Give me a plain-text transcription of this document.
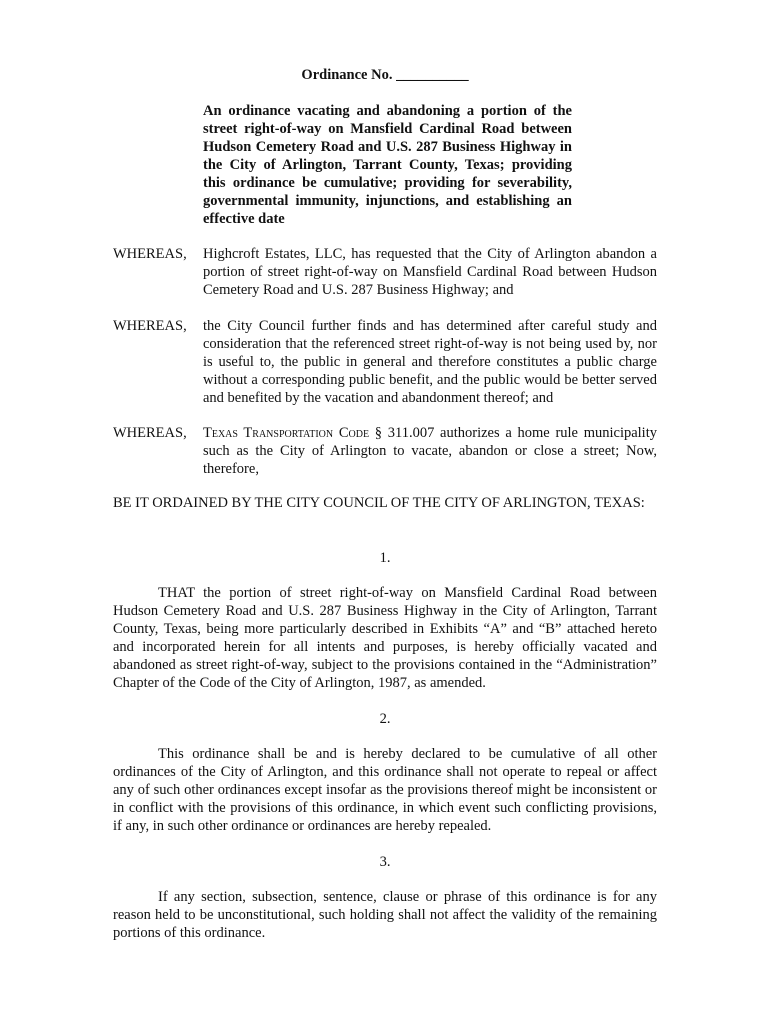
Ordinance No. __________
An ordinance vacating and abandoning a portion of the street right-of-way on Mansfield Cardinal Road between Hudson Cemetery Road and U.S. 287 Business Highway in the City of Arlington, Tarrant County, Texas; providing this ordinance be cumulative; providing for severability, governmental immunity, injunctions, and establishing an effective date
WHEREAS,	Highcroft Estates, LLC, has requested that the City of Arlington abandon a portion of street right-of-way on Mansfield Cardinal Road between Hudson Cemetery Road and U.S. 287 Business Highway; and
WHEREAS,	the City Council further finds and has determined after careful study and consideration that the referenced street right-of-way is not being used by, nor is useful to, the public in general and therefore constitutes a public charge without a corresponding public benefit, and the public would be better served and benefited by the vacation and abandonment thereof; and
WHEREAS,	Texas Transportation Code § 311.007 authorizes a home rule municipality such as the City of Arlington to vacate, abandon or close a street; Now, therefore,
BE IT ORDAINED BY THE CITY COUNCIL OF THE CITY OF ARLINGTON, TEXAS:
1.
THAT the portion of street right-of-way on Mansfield Cardinal Road between Hudson Cemetery Road and U.S. 287 Business Highway in the City of Arlington, Tarrant County, Texas, being more particularly described in Exhibits “A” and “B” attached hereto and incorporated herein for all intents and purposes, is hereby officially vacated and abandoned as street right-of-way, subject to the provisions contained in the “Administration” Chapter of the Code of the City of Arlington, 1987, as amended.
2.
This ordinance shall be and is hereby declared to be cumulative of all other ordinances of the City of Arlington, and this ordinance shall not operate to repeal or affect any of such other ordinances except insofar as the provisions thereof might be inconsistent or in conflict with the provisions of this ordinance, in which event such conflicting provisions, if any, in such other ordinance or ordinances are hereby repealed.
3.
If any section, subsection, sentence, clause or phrase of this ordinance is for any reason held to be unconstitutional, such holding shall not affect the validity of the remaining portions of this ordinance.
